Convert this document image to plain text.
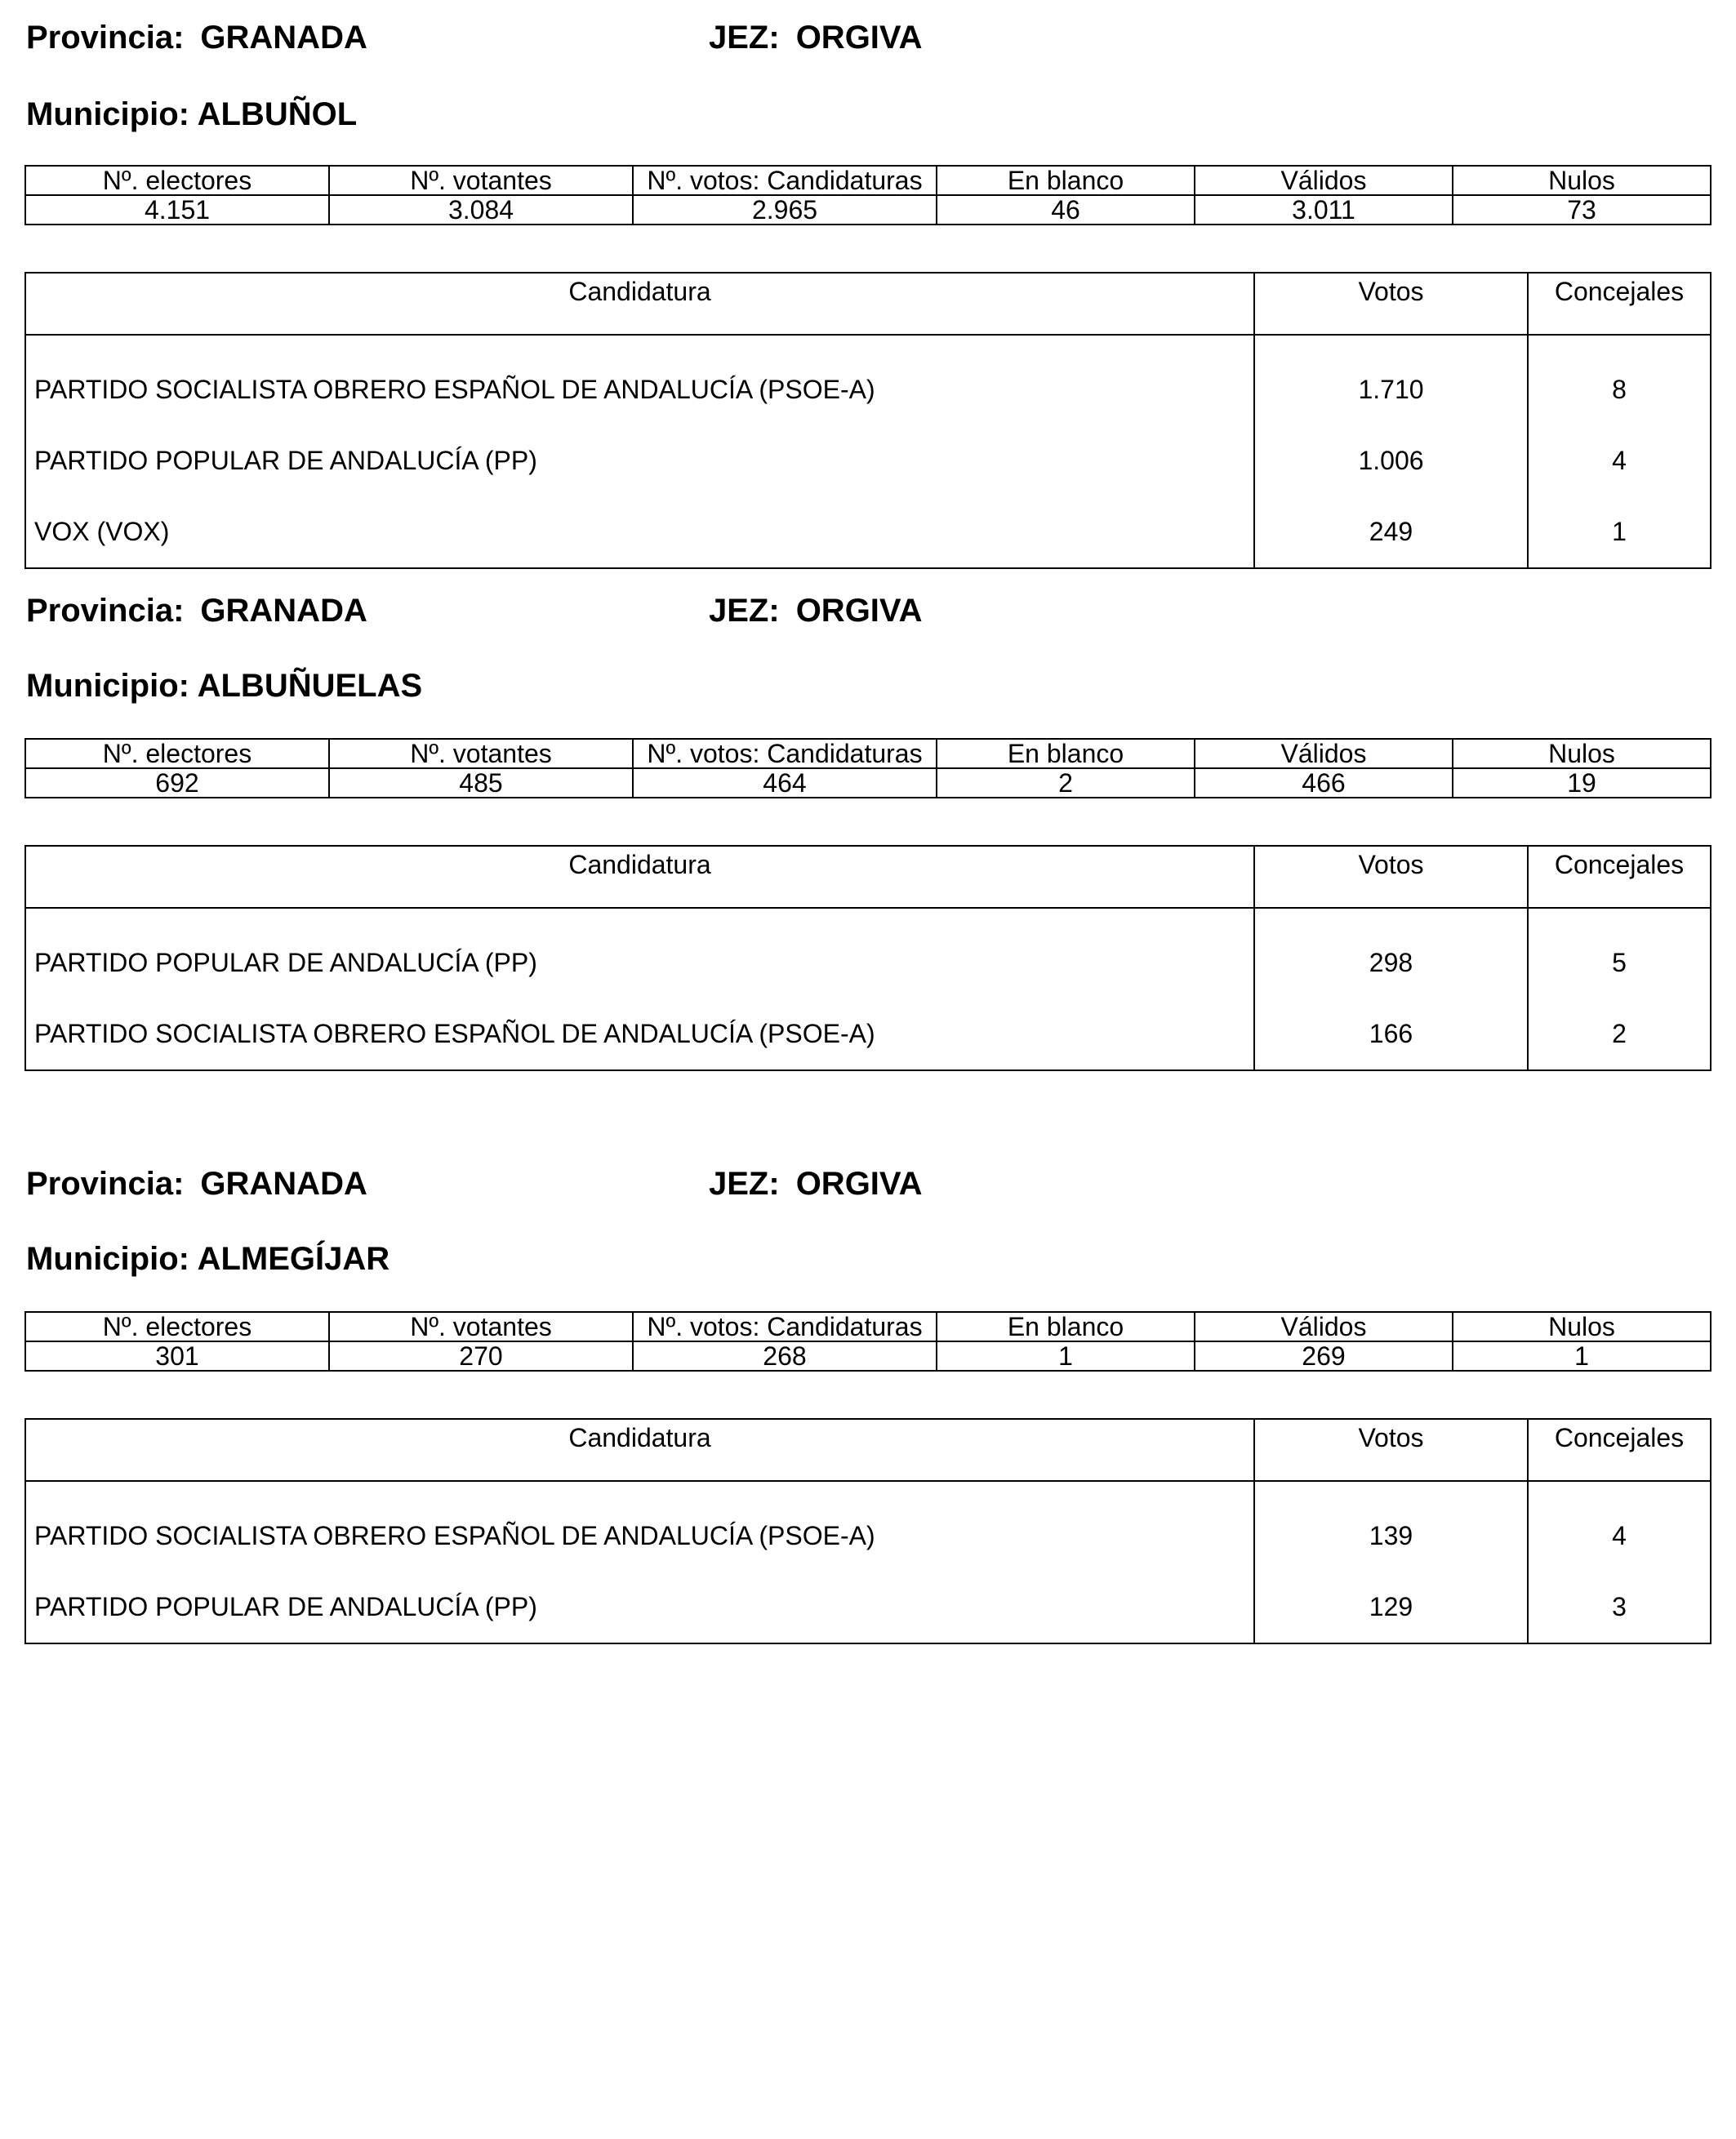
Provincia: GRANADA	JEZ: ORGIVA
Municipio: ALBUÑOL
Nº. electores	Nº. votantes	Nº. votos: Candidaturas	En blanco	Válidos	Nulos
4.151	3.084	2.965	46	3.011	73
Candidatura	Votos	Concejales
PARTIDO SOCIALISTA OBRERO ESPAÑOL DE ANDALUCÍA (PSOE-A)	1.710	8
PARTIDO POPULAR DE ANDALUCÍA (PP)	1.006	4
VOX (VOX)	249	1
Provincia: GRANADA	JEZ: ORGIVA
Municipio: ALBUÑUELAS
Nº. electores	Nº. votantes	Nº. votos: Candidaturas	En blanco	Válidos	Nulos
692	485	464	2	466	19
Candidatura	Votos	Concejales
PARTIDO POPULAR DE ANDALUCÍA (PP)	298	5
PARTIDO SOCIALISTA OBRERO ESPAÑOL DE ANDALUCÍA (PSOE-A)	166	2
Provincia: GRANADA	JEZ: ORGIVA
Municipio: ALMEGÍJAR
Nº. electores	Nº. votantes	Nº. votos: Candidaturas	En blanco	Válidos	Nulos
301	270	268	1	269	1
Candidatura	Votos	Concejales
PARTIDO SOCIALISTA OBRERO ESPAÑOL DE ANDALUCÍA (PSOE-A)	139	4
PARTIDO POPULAR DE ANDALUCÍA (PP)	129	3
